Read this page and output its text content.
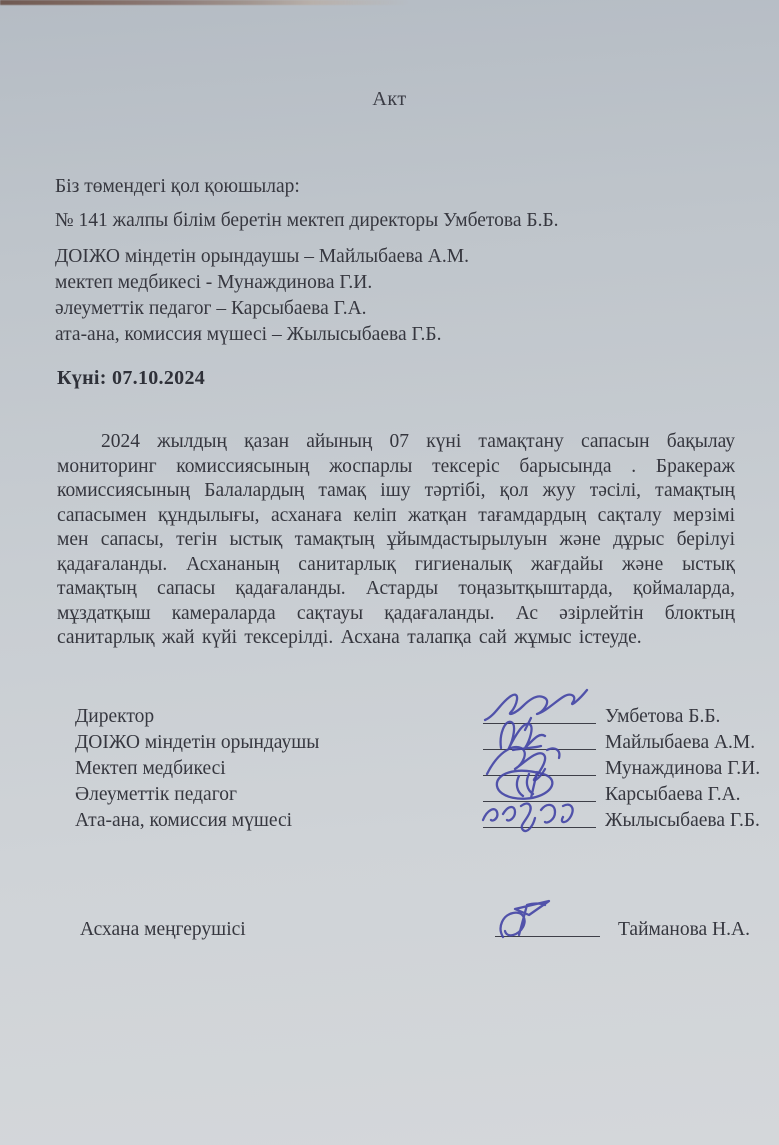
Акт
Біз төмендегі қол қоюшылар:
№ 141 жалпы білім беретін мектеп директоры Умбетова Б.Б.
ДОІЖО міндетін орындаушы – Майлыбаева А.М.
мектеп медбикесі - Мунаждинова Г.И.
әлеуметтік педагог – Карсыбаева Г.А.
ата-ана, комиссия мүшесі – Жылысыбаева Г.Б.
Күні: 07.10.2024
2024 жылдың қазан айының 07 күні тамақтану сапасын бақылау мониторинг комиссиясының жоспарлы тексеріс барысында . Бракераж комиссиясының Балалардың тамақ ішу тәртібі, қол жуу тәсілі, тамақтың сапасымен құндылығы, асханаға келіп жатқан тағамдардың сақталу мерзімі мен сапасы, тегін ыстық тамақтың ұйымдастырылуын және дұрыс берілуі қадағаланды. Асхананың санитарлық гигиеналық жағдайы және ыстық тамақтың сапасы қадағаланды. Астарды тоңазытқыштарда, қоймаларда, мұздатқыш камераларда сақтауы қадағаланды. Ас әзірлейтін блоктың санитарлық жай күйі тексерілді. Асхана талапқа сай жұмыс істеуде.
Директор	Умбетова Б.Б.
ДОІЖО міндетін орындаушы	Майлыбаева А.М.
Мектеп медбикесі	Мунаждинова Г.И.
Әлеуметтік педагог	Карсыбаева Г.А.
Ата-ана, комиссия мүшесі	Жылысыбаева Г.Б.
Асхана меңгерушісі	Тайманова Н.А.
